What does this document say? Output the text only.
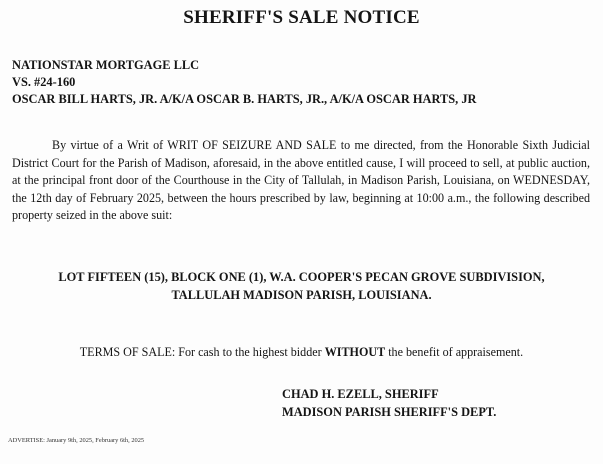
SHERIFF'S SALE NOTICE
NATIONSTAR MORTGAGE LLC
VS. #24-160
OSCAR BILL HARTS, JR. A/K/A OSCAR B. HARTS, JR., A/K/A OSCAR HARTS, JR
By virtue of a Writ of WRIT OF SEIZURE AND SALE to me directed, from the Honorable Sixth Judicial District Court for the Parish of Madison, aforesaid, in the above entitled cause, I will proceed to sell, at public auction, at the principal front door of the Courthouse in the City of Tallulah, in Madison Parish, Louisiana, on WEDNESDAY, the 12th day of February 2025, between the hours prescribed by law, beginning at 10:00 a.m., the following described property seized in the above suit:
LOT FIFTEEN (15), BLOCK ONE (1), W.A. COOPER'S PECAN GROVE SUBDIVISION,
TALLULAH MADISON PARISH, LOUISIANA.
TERMS OF SALE: For cash to the highest bidder WITHOUT the benefit of appraisement.
CHAD H. EZELL, SHERIFF
MADISON PARISH SHERIFF'S DEPT.
ADVERTISE: January 9th, 2025, February 6th, 2025
